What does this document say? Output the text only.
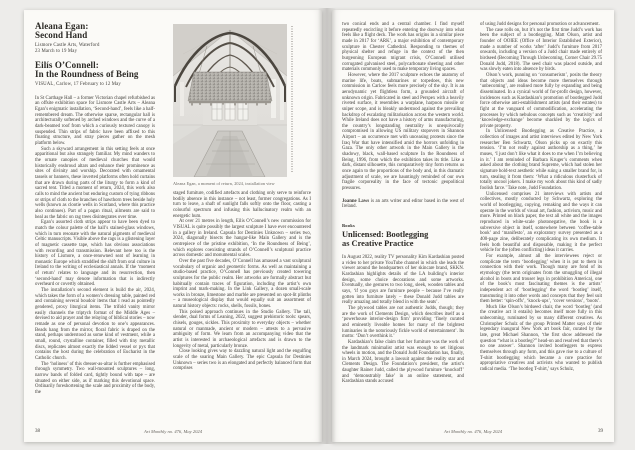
Aleana Egan:

Second Hand

Lismore Castle Arts, Waterford

23 March to 19 May

Eilís O’Connell:

In the Roundness of Being

VISUAL, Carlow, 17 February to 12 May

In St Carthage Hall – a former Victorian chapel refurbished as an offsite exhibition space for Lismore Castle Arts – Aleana Egan’s enigmatic installation, ‘Second-hand’, feels like a half-remembered dream. The otherwise sparse, rectangular hall is architecturally softened by arched windows and the curve of a dark-beamed roof from which a curiously textured canopy is suspended. Thin strips of fabric have been affixed to this floating structure, and stray pieces gather on the mesh platform below.

Such a skyward arrangement in this setting feels at once apparitional but also strangely familiar. My mind wanders to the ornate canopies of medieval churches that would historically enshroud altars and enhance their prominence as sites of divinity and worship. Decorated with ornamental tassels or banners, these inverted platforms often hold curtains that are drawn during parts of the liturgy to form a kind of sacred tent. Titled a moment of return, 2024, this work also calls to mind the ancient but enduring custom of tying ribbons or strips of cloth to the branches of hawthorn trees beside holy wells (known as clootie wells in Scotland, where this practice also continues). Part of a pagan ritual, ailments are said to heal as the fabric on rag trees disintegrates over time.

Egan’s assorted cloth strips appear to have been dyed to match the colour palette of the hall’s stained-glass windows, which in turn resonate with the natural pigments of medieval Celtic manuscripts. Visible above the rags is a glistening layer of magnetic cassette tape, which has obvious associations with recording and transmission. Relevant here too is the history of Lismore, a once-renowned seat of learning in monastic Europe which straddled the shift from oral culture in Ireland to the writing of ecclesiastical annals. If the ‘moment of return’ relates to language and its resurrection, then ‘second-hand’ may denote information that is indirectly overheard or covertly obtained.

The installation’s second element is build the air, 2024, which takes the form of a women’s dressing table, painted red and containing several boudoir items that I read as pointedly gendered, proxy liturgical items. The trifold vanity mirror easily channels the triptych format of the Middle Ages – devised to aid prayer and the relaying of biblical stories – now remade as one of personal devotion to one’s appearances. Beads hang from the mirror, floral fabric is draped on the stand, perhaps understood as some kind of vestment, while a small, round, crystalline container, filled with tiny metallic discs, replicates almost exactly the lidded vessel or pyx that contains the host during the celebration of Eucharist in the Catholic church.

The ‘holiness’ of this dresser-as-altar is further emphasised through symmetry. Two wall-mounted sculptures – long, narrow bands of folded card, tightly bound with tape – are situated on either side, as if marking this devotional space. Ordinarily foreshortening the scale and proximity of the body, the

Aleana Egan, a moment of return, 2024, installation view

staged furniture, codified artefacts and clothing only serve to reinforce bodily absence in this instance – not least, former congregations. As I turn to leave, a shaft of sunlight falls softly onto the floor, casting a colourful spectrum and infusing this hallucinatory realm with an energetic hum.

At over 21 metres in length, Eilís O’Connell’s new commission for VISUAL is quite possibly the largest sculpture I have ever encountered in a gallery in Ireland. Capsula for Destinies Unknown – series two, 2024, diagonally bisects the hangar-like Main Gallery and is the centrepiece of the pristine exhibition, ‘In the Roundness of Being’, which explores coexisting strands of O’Connell’s sculptural practice across domestic and monumental scales.

Over the past five decades, O’Connell has amassed a vast sculptural vocabulary of organic and geometric forms. As well as maintaining a studio-based practice, O’Connell has previously created towering sculptures for the public realm. Her artworks are formally abstract but habitually contain traces of figuration, including the artist’s own imprint and mark-making. In the Link Gallery, a dozen small-scale works in bronze, limestone and marble are presented on spot-lit plinths – a museological display that would equally suit an assortment of natural history objects: rocks, shells, fossils, bones.

This poised approach continues in the Studio Gallery. The tall, slender, dual forms of Leaning, 2022, suggest prehistoric tools: spears, chisels, gouges, sickles. This proximity to everyday objects – whether natural or manmade, ancient or modern – attests to a pervasive ambiguity of form. We learn from an accompanying video that the artist is interested in archaeological artefacts and is drawn to the longevity of metal, particularly bronze.

Close looking gives way to dazzling natural light and the engulfing scale of the soaring Main Gallery. The epic Capsula for Destinies Unknown – series two is an elongated and perfectly balanced form that comprises

38	Art Monthly no. 476, May 2024

two conical ends and a central chamber. I find myself repeatedly encircling it before entering the doorway into what feels like a flight deck. The work has origins in a similar piece made in 2017 for ‘ARK’, a major exhibition of contemporary sculpture in Chester Cathedral. Responding to themes of physical shelter and refuge in the context of the then burgeoning European migrant crisis, O’Connell utilised corrugated galvanised steel, polycarbonate sheeting and other materials commonly used to make temporary living spaces.

However, where the 2017 sculpture echoes the anatomy of marine life, boats, submarines or torpedoes, this new commission in Carlow feels more precisely of the sky. It is an aerodynamic yet flightless form, a grounded aircraft of unknown origin. Fabricated in steel and Perspex with a heavily riveted surface, it resembles a warplane, harpoon missile or sniper scope, and is bleakly understood against the prevailing backdrop of escalating militarisation across the western world. While Ireland does not have a history of arms manufacturing, the country’s longstanding neutrality is unequivocally compromised in allowing US military stopovers in Shannon Airport – an occurrence met with unceasing protests since the Iraq War that have intensified amid the horrors unfolding in Gaza. The only other artwork in the Main Gallery is the shadowy, black, wall-based sculpture In the Roundness of Being, 1996, from which the exhibition takes its title. Like a dark, distant silhouette, this comparatively tiny form returns us once again to the proportions of the body and, in this dramatic adjustment of scale, we are hauntingly reminded of our own fragile corporeality in the face of tectonic geopolitical pressures.

Joanne Laws is an arts writer and editor based in the west of Ireland.

Books

Unlicensed: Bootlegging

as Creative Practice

In August 2022, reality TV personality Kim Kardashian posted a video to her private YouTube channel in which she leads the viewer around the headquarters of her skincare brand, SKKN. Kardashian highlights details of the LA building’s interior design, some choice decorations and some artworks. Eventually, she gestures to two long, sleek, wooden tables and says, ‘if you guys are furniture people – because I’ve really gotten into furniture lately – these Donald Judd tables are really amazing and totally blend in with the seats’.

The plywood tables are not authentic Judds, though; they are the work of Clements Design, which describes itself as a ‘powerhouse interior-design firm’ providing ‘finely curated and eminently liveable homes for many of the brightest luminaries in the notoriously fickle world of entertainment’. Its motto: ‘Don’t overthink it.’

Kardashian’s false claim that her furniture was the work of the landmark minimalist artist was enough to set litigious wheels in motion, and the Donald Judd Foundation has, finally, in March 2024, brought a lawsuit against the reality star and Clements Design. The Foundation’s president, the artist’s daughter Rainer Judd, called the plywood furniture ‘knockoff’ and ‘demonstrably fake’ in an online statement, and Kardashian stands accused

of using Judd designs for personal promotion or advancement.

The case rolls on, but it’s not the first time Judd’s work has been the subject of a bootlegging. Matt Olson, artist and founder of OOIEE (Office of Interior Established Exterior), made a number of works ‘after’ Judd’s furniture from 2017 onwards, including a version of a Judd chair made entirely of birdseed (Becoming Through Unbecoming, Corner Chair 29.75 Donald Judd, 2018). The seed chair was placed outside, and was slowly eaten into absence by birds.

Olson’s work, punning on ‘consumerism’, posits the theory that objects and ideas become more themselves through ‘unbecoming’, are realised more fully by expanding and being disseminated. In a cynical world of for-profit design, however, incidences such as Kardashian’s promotion of bootlegged Judd force otherwise anti-establishment artists (and their estates) to fight at the vanguard of commodification, accelerating the processes by which nebulous concepts such as ‘creativity’ and ‘knowledge-exchange’ become shackled by the logics of private property.

In Unlicensed: Bootlegging as Creative Practice, a collection of images and artist interviews edited by New York researcher Ben Schwartz, Olson picks up on exactly this tension. ‘I’m not really against authorship as a thing,’ he muses, ‘I just don’t like what it does to me when I’m believing in it.’ I am reminded of Barbara Kruger’s comments when asked about the clothing brand Supreme, which had stolen her signature bold-text aesthetic while suing a smaller brand for, in turn, stealing it from them: ‘What a ridiculous clusterfuck of totally uncool jokers. I make my work about this kind of sadly foolish farce.’ Take note, Judd Foundation.

Unlicensed comprises 21 interviews with artists and collectives, mostly conducted by Schwartz, exploring the world of bootlegging, copying, remaking and the ways it can operate in the worlds of visual art, fashion, activism, music and more. Printed on black paper, the text all white and the images reproduced in white-scale photonegative, the book is a subversive object in itself, somewhere between ‘coffee-table book’ and ‘manifesto’, an exploratory survey presented as a 400-page zine, deliberately complicating its own medium. It feels both beautiful and disposable, making it the perfect vehicle for the (often conflicting) ideas it carries.

For example, almost all the interviewees reject or complicate the term ‘bootlegging’ when it is put to them in connection with their work. Though many are fond of its etymology (the term originates from the smuggling of illegal alcohol in boots and trouser legs in prohibition America), one of the book’s most fascinating themes is the artists’ independent act of ‘bootlegging’ the word ‘bootleg’ itself, transmuting it into other words and concepts that they feel suit them better: ‘spin-offs’, ‘knock-ups’, ‘cover versions’, ‘boots’.

Much like Olson’s birdseed chair, the word ‘bootleg’ (and the creative act it entails) becomes itself more fully in this unbecoming, ruminated by so many different creatives. As Christopher Schulz of the group Printed Matter says of their legendary inaugural New York art book fair, curated by the late, great Michael Shannon, ‘the first show addressed the question “what is a bootleg?” head-on and resolved that there’s no one answer’. Shannon invited bootleggers to express themselves through any form, and this gave rise to a culture of T-shirt bootlegging which became a core practice for appropriative creatives and activists who wanted to publish radical media. ‘The bootleg T-shirt,’ says Schulz,

Art Monthly no. 476, May 2024	39
